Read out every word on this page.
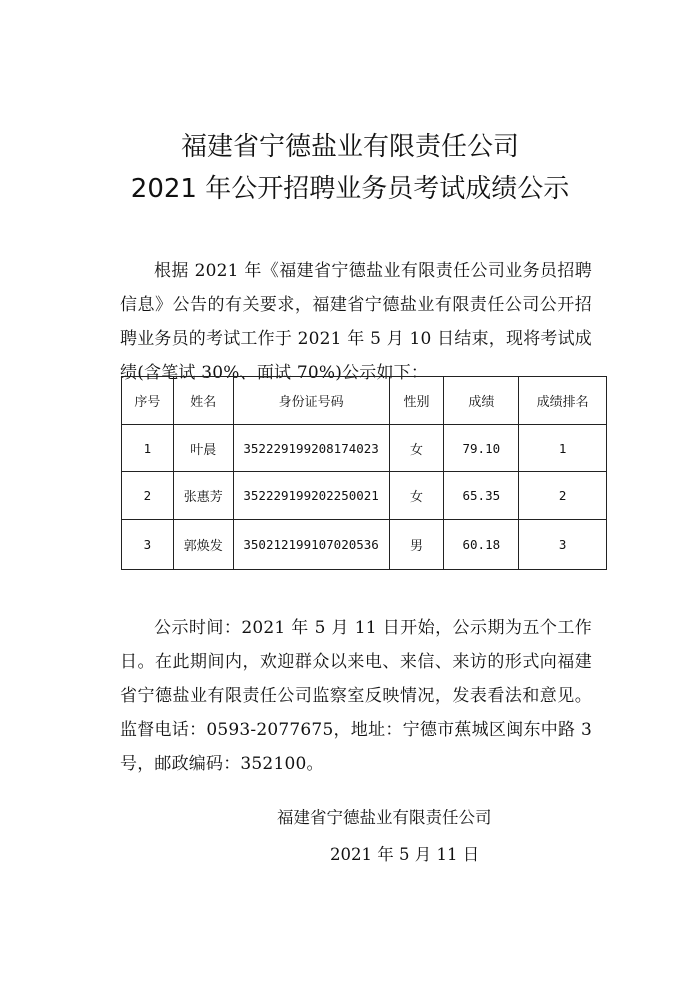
福建省宁德盐业有限责任公司
2021 年公开招聘业务员考试成绩公示

根据 2021 年《福建省宁德盐业有限责任公司业务员招聘信息》公告的有关要求，福建省宁德盐业有限责任公司公开招聘业务员的考试工作于 2021 年 5 月 10 日结束，现将考试成绩(含笔试 30%、面试 70%)公示如下：

序号	姓名	身份证号码	性别	成绩	成绩排名
1	叶晨	352229199208174023	女	79.10	1
2	张惠芳	352229199202250021	女	65.35	2
3	郭焕发	350212199107020536	男	60.18	3

公示时间：2021 年 5 月 11 日开始，公示期为五个工作日。在此期间内，欢迎群众以来电、来信、来访的形式向福建省宁德盐业有限责任公司监察室反映情况，发表看法和意见。监督电话：0593-2077675，地址：宁德市蕉城区闽东中路 3 号，邮政编码：352100。

福建省宁德盐业有限责任公司
2021 年 5 月 11 日
